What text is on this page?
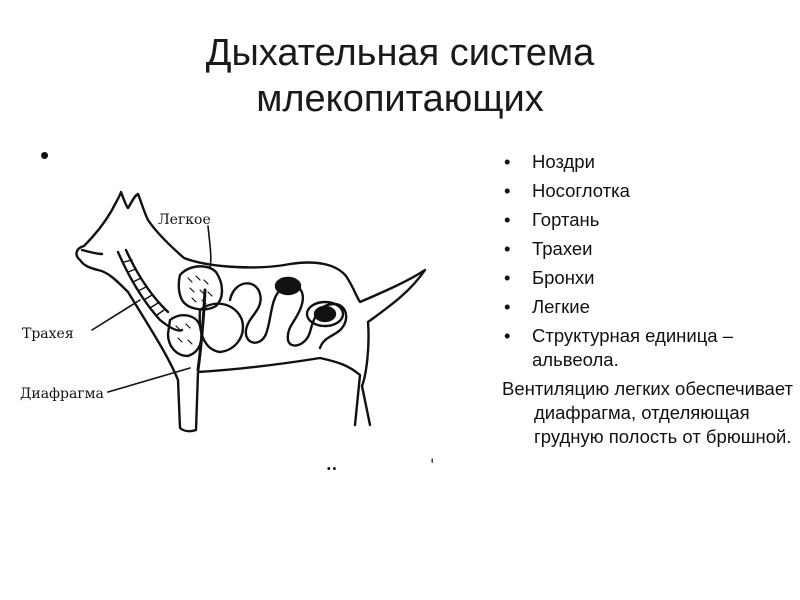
Дыхательная система
млекопитающих
•
Легкое
Трахея
Диафрагма
..	'
• Ноздри
• Носоглотка
• Гортань
• Трахеи
• Бронхи
• Легкие
• Структурная единица – альвеола.
Вентиляцию легких обеспечивает диафрагма, отделяющая грудную полость от брюшной.
